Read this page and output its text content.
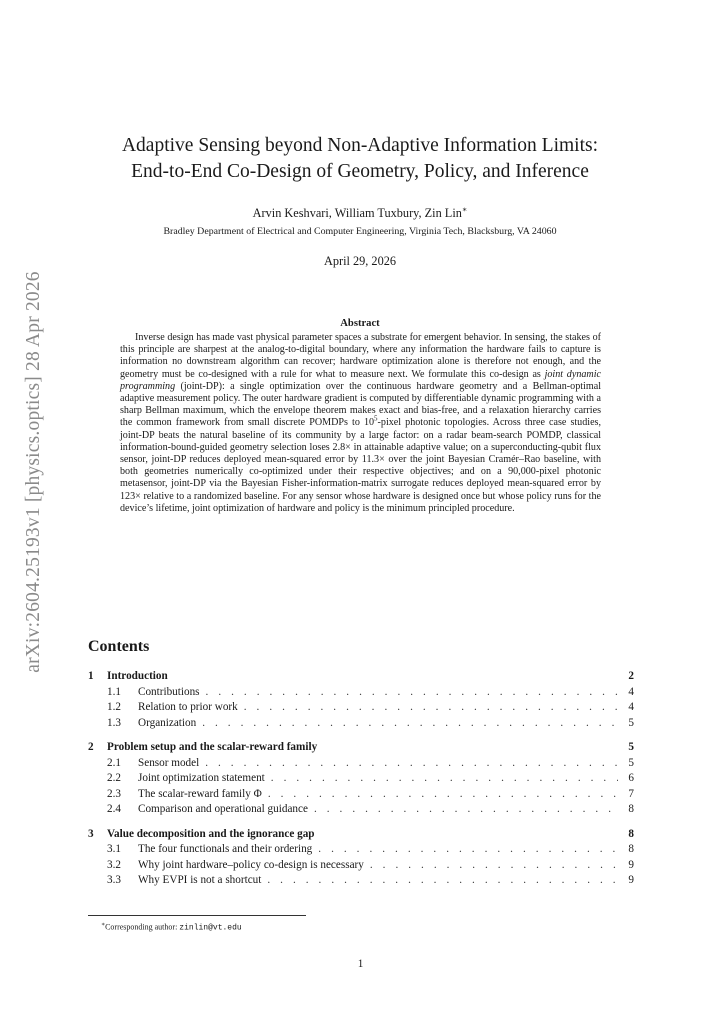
arXiv:2604.25193v1 [physics.optics] 28 Apr 2026
Adaptive Sensing beyond Non-Adaptive Information Limits:
End-to-End Co-Design of Geometry, Policy, and Inference
Arvin Keshvari, William Tuxbury, Zin Lin∗
Bradley Department of Electrical and Computer Engineering, Virginia Tech, Blacksburg, VA 24060
April 29, 2026
Abstract

Inverse design has made vast physical parameter spaces a substrate for emergent behavior. In sensing, the stakes of this principle are sharpest at the analog-to-digital boundary, where any information the hardware fails to capture is information no downstream algorithm can recover; hardware optimization alone is therefore not enough, and the geometry must be co-designed with a rule for what to measure next. We formulate this co-design as joint dynamic programming (joint-DP): a single optimization over the continuous hardware geometry and a Bellman-optimal adaptive measurement policy. The outer hardware gradient is computed by differentiable dynamic programming with a sharp Bellman maximum, which the envelope theorem makes exact and bias-free, and a relaxation hierarchy carries the common framework from small discrete POMDPs to $10^5$-pixel photonic topologies. Across three case studies, joint-DP beats the natural baseline of its community by a large factor: on a radar beam-search POMDP, classical information-bound-guided geometry selection loses 2.8× in attainable adaptive value; on a superconducting-qubit flux sensor, joint-DP reduces deployed mean-squared error by 11.3× over the joint Bayesian Cramér–Rao baseline, with both geometries numerically co-optimized under their respective objectives; and on a 90,000-pixel photonic metasensor, joint-DP via the Bayesian Fisher-information-matrix surrogate reduces deployed mean-squared error by 123× relative to a randomized baseline. For any sensor whose hardware is designed once but whose policy runs for the device’s lifetime, joint optimization of hardware and policy is the minimum principled procedure.

Contents
1	Introduction	2
1.1	Contributions . . .	4
1.2	Relation to prior work . . .	4
1.3	Organization . . .	5
2	Problem setup and the scalar-reward family	5
2.1	Sensor model . . .	5
2.2	Joint optimization statement . . .	6
2.3	The scalar-reward family Φ . . .	7
2.4	Comparison and operational guidance . . .	8
3	Value decomposition and the ignorance gap	8
3.1	The four functionals and their ordering . . .	8
3.2	Why joint hardware–policy co-design is necessary . . .	9
3.3	Why EVPI is not a shortcut . . .	9
∗Corresponding author: zinlin@vt.edu
1
